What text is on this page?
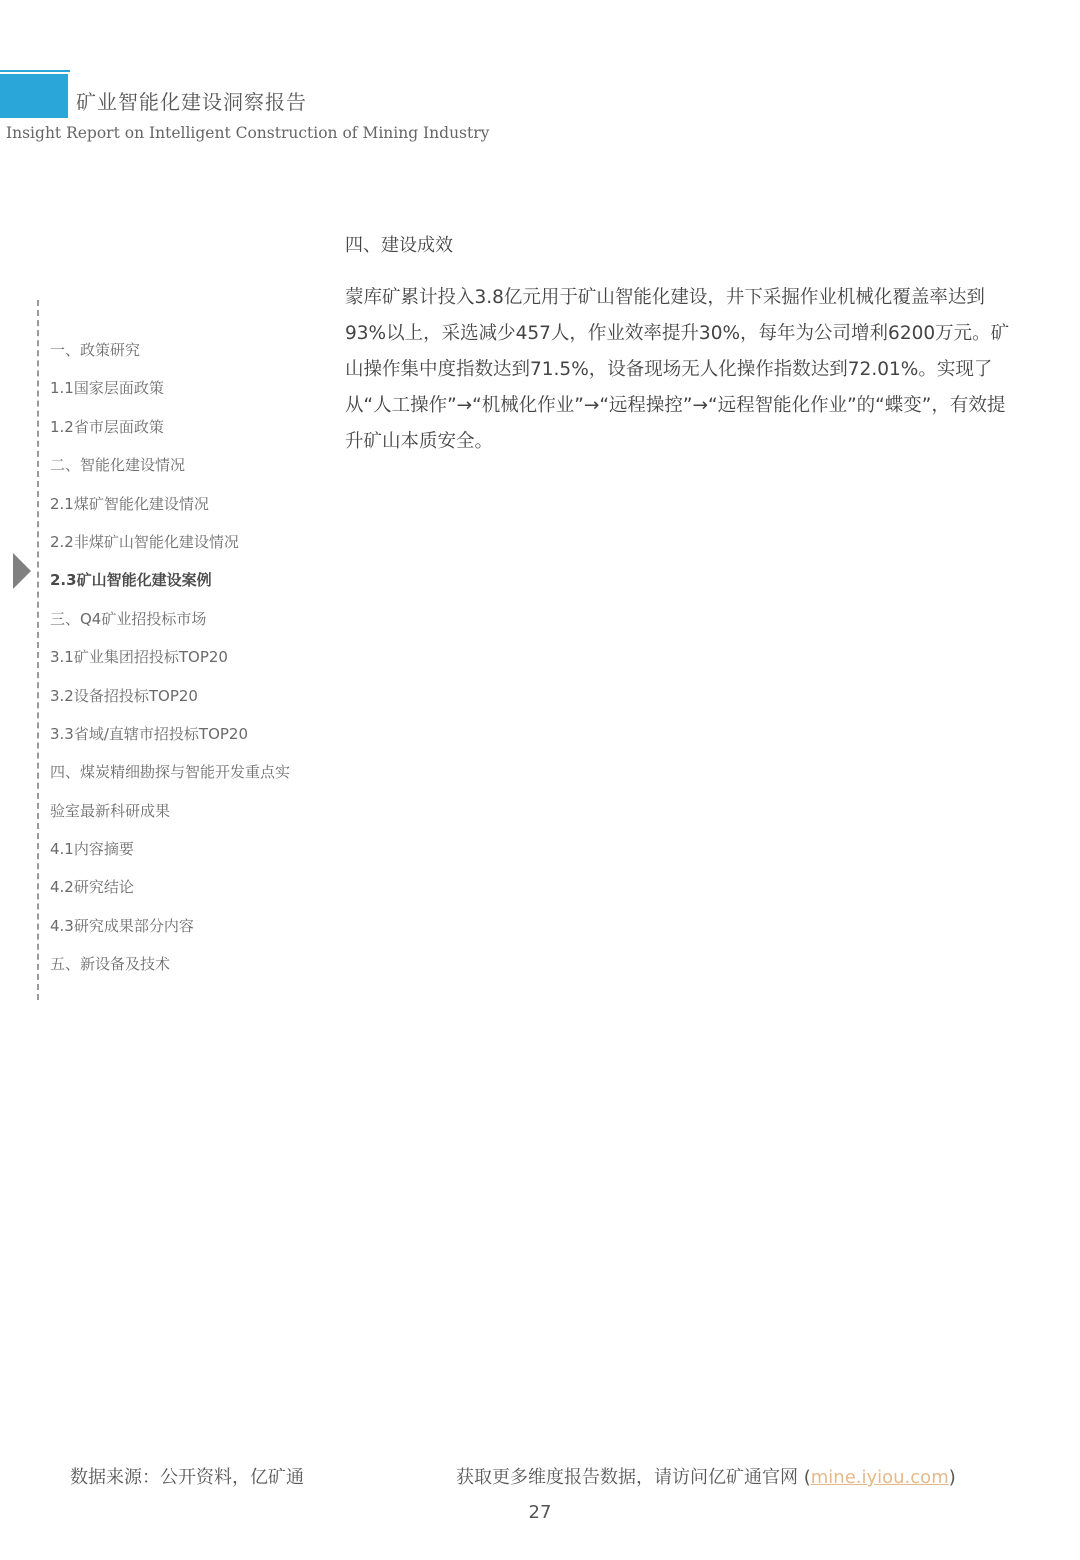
矿业智能化建设洞察报告
Insight Report on Intelligent Construction of Mining Industry
一、政策研究
1.1国家层面政策
1.2省市层面政策
二、智能化建设情况
2.1煤矿智能化建设情况
2.2非煤矿山智能化建设情况
2.3矿山智能化建设案例
三、Q4矿业招投标市场
3.1矿业集团招投标TOP20
3.2设备招投标TOP20
3.3省域/直辖市招投标TOP20
四、煤炭精细勘探与智能开发重点实
验室最新科研成果
4.1内容摘要
4.2研究结论
4.3研究成果部分内容
五、新设备及技术
四、建设成效

蒙库矿累计投入3.8亿元用于矿山智能化建设，井下采掘作业机械化覆盖率达到93%以上，采选减少457人，作业效率提升30%，每年为公司增利6200万元。矿山操作集中度指数达到71.5%，设备现场无人化操作指数达到72.01%。实现了从“人工操作”→“机械化作业”→“远程操控”→“远程智能化作业”的“蝶变”，有效提升矿山本质安全。

数据来源：公开资料，亿矿通	获取更多维度报告数据，请访问亿矿通官网 (mine.iyiou.com)
27
